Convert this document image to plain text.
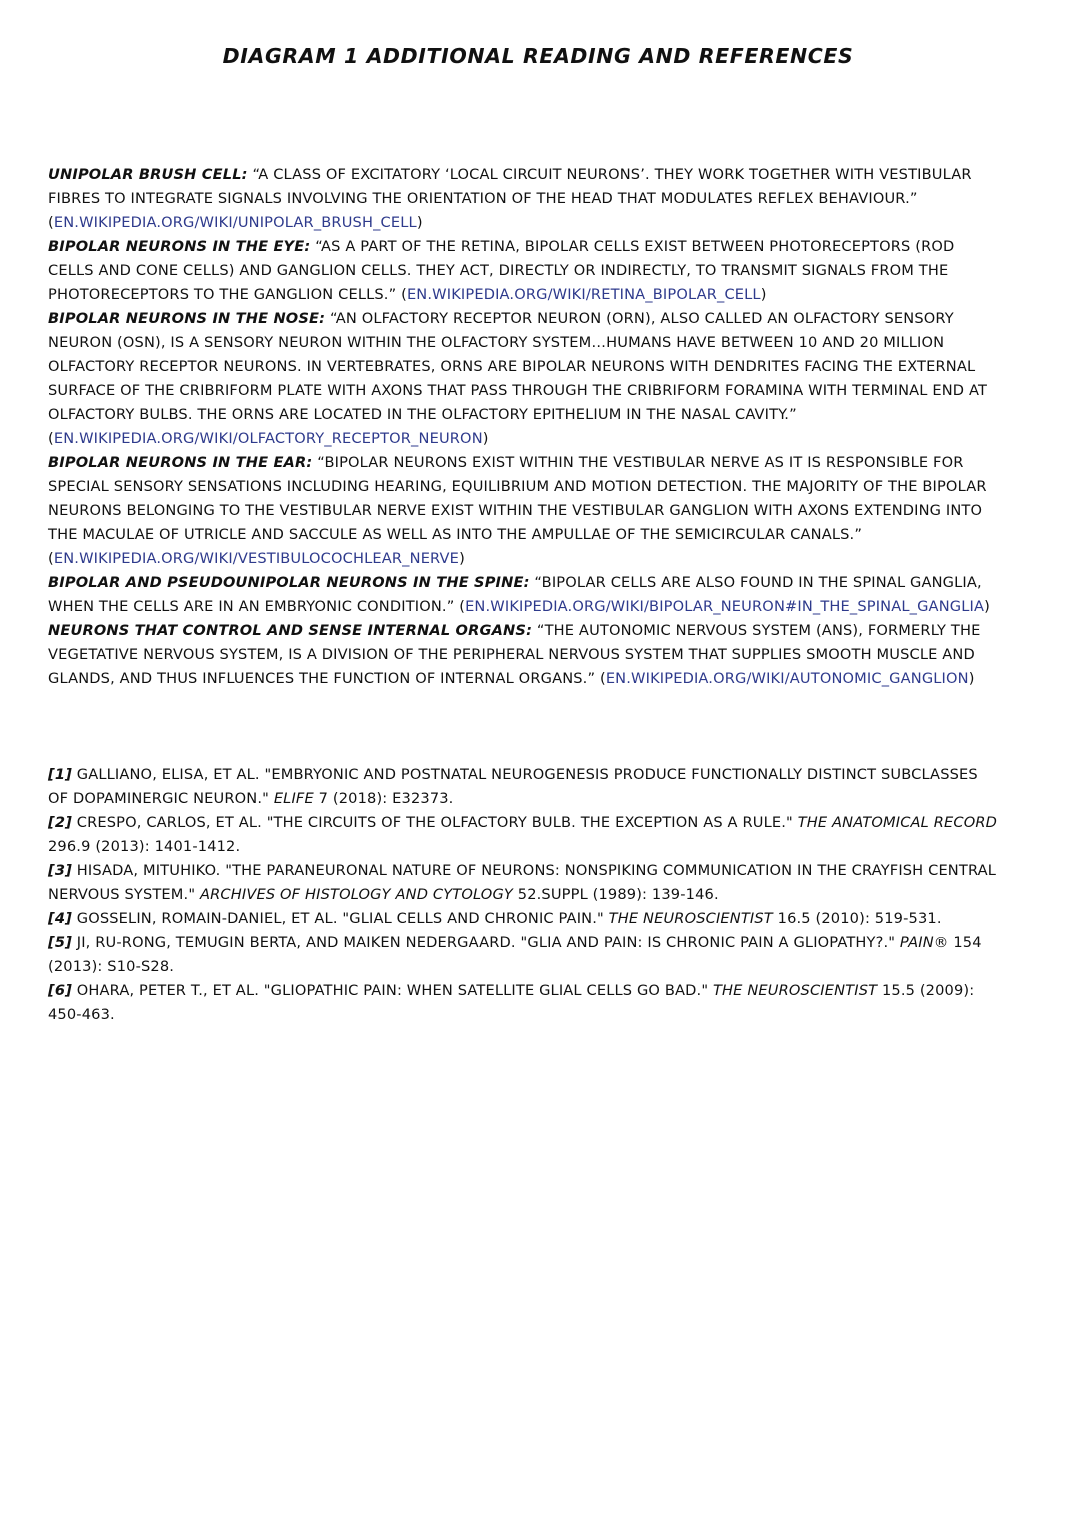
DIAGRAM 1 ADDITIONAL READING AND REFERENCES

UNIPOLAR BRUSH CELL: “A CLASS OF EXCITATORY ‘LOCAL CIRCUIT NEURONS’. THEY WORK TOGETHER WITH VESTIBULAR FIBRES TO INTEGRATE SIGNALS INVOLVING THE ORIENTATION OF THE HEAD THAT MODULATES REFLEX BEHAVIOUR.” (EN.WIKIPEDIA.ORG/WIKI/UNIPOLAR_BRUSH_CELL)

BIPOLAR NEURONS IN THE EYE: “AS A PART OF THE RETINA, BIPOLAR CELLS EXIST BETWEEN PHOTORECEPTORS (ROD CELLS AND CONE CELLS) AND GANGLION CELLS. THEY ACT, DIRECTLY OR INDIRECTLY, TO TRANSMIT SIGNALS FROM THE PHOTORECEPTORS TO THE GANGLION CELLS.” (EN.WIKIPEDIA.ORG/WIKI/RETINA_BIPOLAR_CELL)

BIPOLAR NEURONS IN THE NOSE: “AN OLFACTORY RECEPTOR NEURON (ORN), ALSO CALLED AN OLFACTORY SENSORY NEURON (OSN), IS A SENSORY NEURON WITHIN THE OLFACTORY SYSTEM…HUMANS HAVE BETWEEN 10 AND 20 MILLION OLFACTORY RECEPTOR NEURONS. IN VERTEBRATES, ORNS ARE BIPOLAR NEURONS WITH DENDRITES FACING THE EXTERNAL SURFACE OF THE CRIBRIFORM PLATE WITH AXONS THAT PASS THROUGH THE CRIBRIFORM FORAMINA WITH TERMINAL END AT OLFACTORY BULBS. THE ORNS ARE LOCATED IN THE OLFACTORY EPITHELIUM IN THE NASAL CAVITY.” (EN.WIKIPEDIA.ORG/WIKI/OLFACTORY_RECEPTOR_NEURON)

BIPOLAR NEURONS IN THE EAR: “BIPOLAR NEURONS EXIST WITHIN THE VESTIBULAR NERVE AS IT IS RESPONSIBLE FOR SPECIAL SENSORY SENSATIONS INCLUDING HEARING, EQUILIBRIUM AND MOTION DETECTION. THE MAJORITY OF THE BIPOLAR NEURONS BELONGING TO THE VESTIBULAR NERVE EXIST WITHIN THE VESTIBULAR GANGLION WITH AXONS EXTENDING INTO THE MACULAE OF UTRICLE AND SACCULE AS WELL AS INTO THE AMPULLAE OF THE SEMICIRCULAR CANALS.” (EN.WIKIPEDIA.ORG/WIKI/VESTIBULOCOCHLEAR_NERVE)

BIPOLAR AND PSEUDOUNIPOLAR NEURONS IN THE SPINE: “BIPOLAR CELLS ARE ALSO FOUND IN THE SPINAL GANGLIA, WHEN THE CELLS ARE IN AN EMBRYONIC CONDITION.” (EN.WIKIPEDIA.ORG/WIKI/BIPOLAR_NEURON#IN_THE_SPINAL_GANGLIA)

NEURONS THAT CONTROL AND SENSE INTERNAL ORGANS: “THE AUTONOMIC NERVOUS SYSTEM (ANS), FORMERLY THE VEGETATIVE NERVOUS SYSTEM, IS A DIVISION OF THE PERIPHERAL NERVOUS SYSTEM THAT SUPPLIES SMOOTH MUSCLE AND GLANDS, AND THUS INFLUENCES THE FUNCTION OF INTERNAL ORGANS.” (EN.WIKIPEDIA.ORG/WIKI/AUTONOMIC_GANGLION)

[1] GALLIANO, ELISA, ET AL. "EMBRYONIC AND POSTNATAL NEUROGENESIS PRODUCE FUNCTIONALLY DISTINCT SUBCLASSES OF DOPAMINERGIC NEURON." ELIFE 7 (2018): E32373.

[2] CRESPO, CARLOS, ET AL. "THE CIRCUITS OF THE OLFACTORY BULB. THE EXCEPTION AS A RULE." THE ANATOMICAL RECORD 296.9 (2013): 1401-1412.

[3] HISADA, MITUHIKO. "THE PARANEURONAL NATURE OF NEURONS: NONSPIKING COMMUNICATION IN THE CRAYFISH CENTRAL NERVOUS SYSTEM." ARCHIVES OF HISTOLOGY AND CYTOLOGY 52.SUPPL (1989): 139-146.

[4] GOSSELIN, ROMAIN-DANIEL, ET AL. "GLIAL CELLS AND CHRONIC PAIN." THE NEUROSCIENTIST 16.5 (2010): 519-531.

[5] JI, RU-RONG, TEMUGIN BERTA, AND MAIKEN NEDERGAARD. "GLIA AND PAIN: IS CHRONIC PAIN A GLIOPATHY?." PAIN® 154 (2013): S10-S28.

[6] OHARA, PETER T., ET AL. "GLIOPATHIC PAIN: WHEN SATELLITE GLIAL CELLS GO BAD." THE NEUROSCIENTIST 15.5 (2009): 450-463.
